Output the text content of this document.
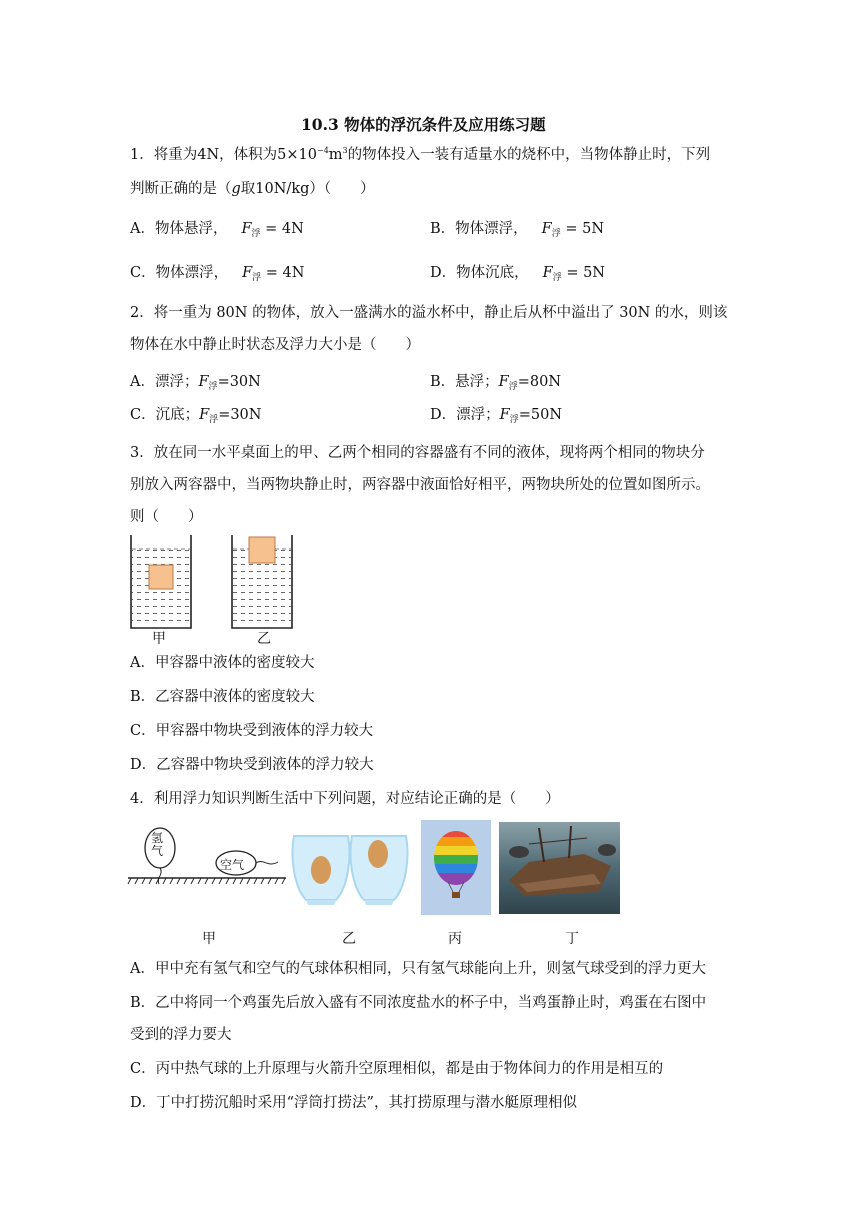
10.3 物体的浮沉条件及应用练习题
1．将重为4N，体积为$5\times 10^{-4}m^3$的物体投入一装有适量水的烧杯中，当物体静止时，下列
判断正确的是（g取10N/kg）（　　）
A．物体悬浮， $F_浮 = 4N$	B．物体漂浮， $F_浮 = 5N$
C．物体漂浮， $F_浮 = 4N$	D．物体沉底， $F_浮 = 5N$
2．将一重为 80N 的物体，放入一盛满水的溢水杯中，静止后从杯中溢出了 30N 的水，则该
物体在水中静止时状态及浮力大小是（　　）
A．漂浮；$F_浮=30N$	B．悬浮；$F_浮=80N$
C．沉底；$F_浮=30N$	D．漂浮；$F_浮=50N$
3．放在同一水平桌面上的甲、乙两个相同的容器盛有不同的液体，现将两个相同的物块分
别放入两容器中，当两物块静止时，两容器中液面恰好相平，两物块所处的位置如图所示。
则（　　）
甲	乙
A．甲容器中液体的密度较大
B．乙容器中液体的密度较大
C．甲容器中物块受到液体的浮力较大
D．乙容器中物块受到液体的浮力较大
4．利用浮力知识判断生活中下列问题，对应结论正确的是（　　）
氢气
空气
甲	乙	丙	丁
A．甲中充有氢气和空气的气球体积相同，只有氢气球能向上升，则氢气球受到的浮力更大
B．乙中将同一个鸡蛋先后放入盛有不同浓度盐水的杯子中，当鸡蛋静止时，鸡蛋在右图中
受到的浮力要大
C．丙中热气球的上升原理与火箭升空原理相似，都是由于物体间力的作用是相互的
D．丁中打捞沉船时采用“浮筒打捞法”，其打捞原理与潜水艇原理相似
